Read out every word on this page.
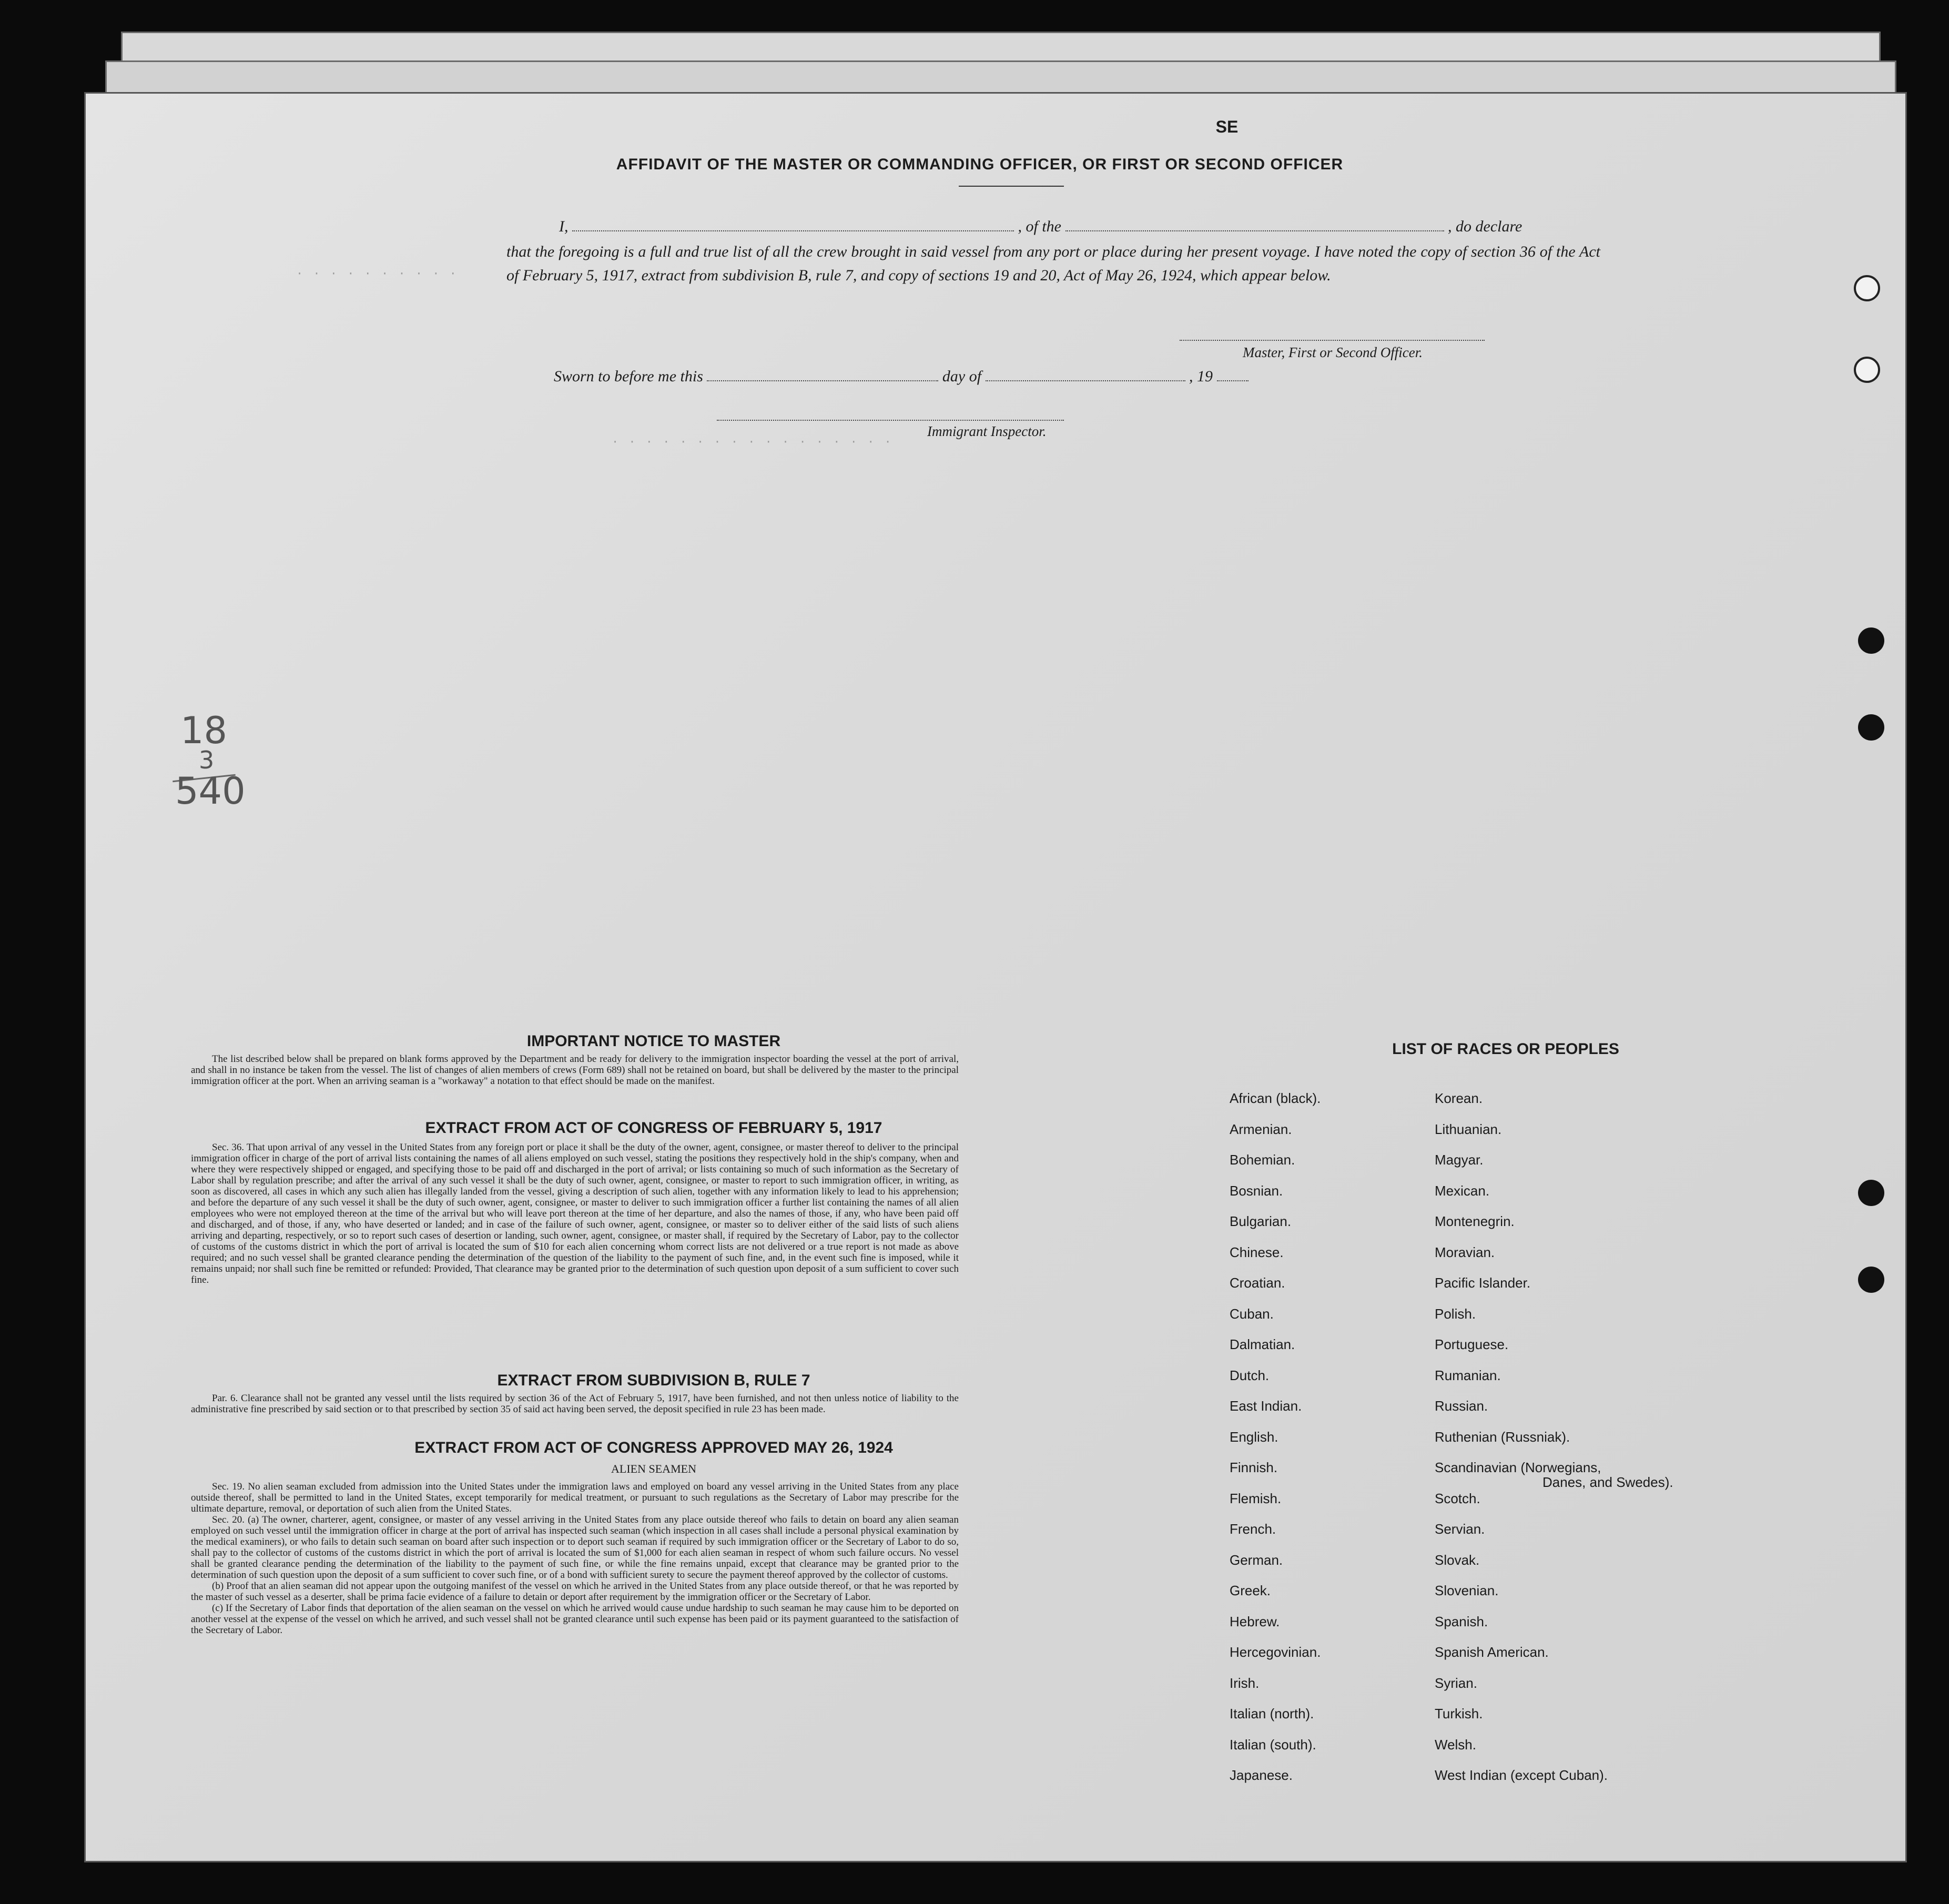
· · · · · · · · · ·
· · · · · · · · · · · · · · · · ·
SE
AFFIDAVIT OF THE MASTER OR COMMANDING OFFICER, OR FIRST OR SECOND OFFICER
I,	, of the	, do declare
that the foregoing is a full and true list of all the crew brought in said vessel from any port or place during her present voyage. I have noted the copy of section 36 of the Act of February 5, 1917, extract from subdivision B, rule 7, and copy of sections 19 and 20, Act of May 26, 1924, which appear below.
Master, First or Second Officer.
Sworn to before me this	day of	, 19
Immigrant Inspector.
18
3
540
IMPORTANT NOTICE TO MASTER
The list described below shall be prepared on blank forms approved by the Department and be ready for delivery to the immigration inspector boarding the vessel at the port of arrival, and shall in no instance be taken from the vessel. The list of changes of alien members of crews (Form 689) shall not be retained on board, but shall be delivered by the master to the principal immigration officer at the port. When an arriving seaman is a "workaway" a notation to that effect should be made on the manifest.
EXTRACT FROM ACT OF CONGRESS OF FEBRUARY 5, 1917
Sec. 36. That upon arrival of any vessel in the United States from any foreign port or place it shall be the duty of the owner, agent, consignee, or master thereof to deliver to the principal immigration officer in charge of the port of arrival lists containing the names of all aliens employed on such vessel, stating the positions they respectively hold in the ship's company, when and where they were respectively shipped or engaged, and specifying those to be paid off and discharged in the port of arrival; or lists containing so much of such information as the Secretary of Labor shall by regulation prescribe; and after the arrival of any such vessel it shall be the duty of such owner, agent, consignee, or master to report to such immigration officer, in writing, as soon as discovered, all cases in which any such alien has illegally landed from the vessel, giving a description of such alien, together with any information likely to lead to his apprehension; and before the departure of any such vessel it shall be the duty of such owner, agent, consignee, or master to deliver to such immigration officer a further list containing the names of all alien employees who were not employed thereon at the time of the arrival but who will leave port thereon at the time of her departure, and also the names of those, if any, who have been paid off and discharged, and of those, if any, who have deserted or landed; and in case of the failure of such owner, agent, consignee, or master so to deliver either of the said lists of such aliens arriving and departing, respectively, or so to report such cases of desertion or landing, such owner, agent, consignee, or master shall, if required by the Secretary of Labor, pay to the collector of customs of the customs district in which the port of arrival is located the sum of $10 for each alien concerning whom correct lists are not delivered or a true report is not made as above required; and no such vessel shall be granted clearance pending the determination of the question of the liability to the payment of such fine, and, in the event such fine is imposed, while it remains unpaid; nor shall such fine be remitted or refunded: Provided, That clearance may be granted prior to the determination of such question upon deposit of a sum sufficient to cover such fine.
EXTRACT FROM SUBDIVISION B, RULE 7
Par. 6. Clearance shall not be granted any vessel until the lists required by section 36 of the Act of February 5, 1917, have been furnished, and not then unless notice of liability to the administrative fine prescribed by said section or to that prescribed by section 35 of said act having been served, the deposit specified in rule 23 has been made.
EXTRACT FROM ACT OF CONGRESS APPROVED MAY 26, 1924
ALIEN SEAMEN
Sec. 19. No alien seaman excluded from admission into the United States under the immigration laws and employed on board any vessel arriving in the United States from any place outside thereof, shall be permitted to land in the United States, except temporarily for medical treatment, or pursuant to such regulations as the Secretary of Labor may prescribe for the ultimate departure, removal, or deportation of such alien from the United States.
Sec. 20. (a) The owner, charterer, agent, consignee, or master of any vessel arriving in the United States from any place outside thereof who fails to detain on board any alien seaman employed on such vessel until the immigration officer in charge at the port of arrival has inspected such seaman (which inspection in all cases shall include a personal physical examination by the medical examiners), or who fails to detain such seaman on board after such inspection or to deport such seaman if required by such immigration officer or the Secretary of Labor to do so, shall pay to the collector of customs of the customs district in which the port of arrival is located the sum of $1,000 for each alien seaman in respect of whom such failure occurs. No vessel shall be granted clearance pending the determination of the liability to the payment of such fine, or while the fine remains unpaid, except that clearance may be granted prior to the determination of such question upon the deposit of a sum sufficient to cover such fine, or of a bond with sufficient surety to secure the payment thereof approved by the collector of customs.
(b) Proof that an alien seaman did not appear upon the outgoing manifest of the vessel on which he arrived in the United States from any place outside thereof, or that he was reported by the master of such vessel as a deserter, shall be prima facie evidence of a failure to detain or deport after requirement by the immigration officer or the Secretary of Labor.
(c) If the Secretary of Labor finds that deportation of the alien seaman on the vessel on which he arrived would cause undue hardship to such seaman he may cause him to be deported on another vessel at the expense of the vessel on which he arrived, and such vessel shall not be granted clearance until such expense has been paid or its payment guaranteed to the satisfaction of the Secretary of Labor.
LIST OF RACES OR PEOPLES
African (black).
Armenian.
Bohemian.
Bosnian.
Bulgarian.
Chinese.
Croatian.
Cuban.
Dalmatian.
Dutch.
East Indian.
English.
Finnish.
Flemish.
French.
German.
Greek.
Hebrew.
Hercegovinian.
Irish.
Italian (north).
Italian (south).
Japanese.
Korean.
Lithuanian.
Magyar.
Mexican.
Montenegrin.
Moravian.
Pacific Islander.
Polish.
Portuguese.
Rumanian.
Russian.
Ruthenian (Russniak).
Scandinavian (Norwegians,
Danes, and Swedes).
Scotch.
Servian.
Slovak.
Slovenian.
Spanish.
Spanish American.
Syrian.
Turkish.
Welsh.
West Indian (except Cuban).
